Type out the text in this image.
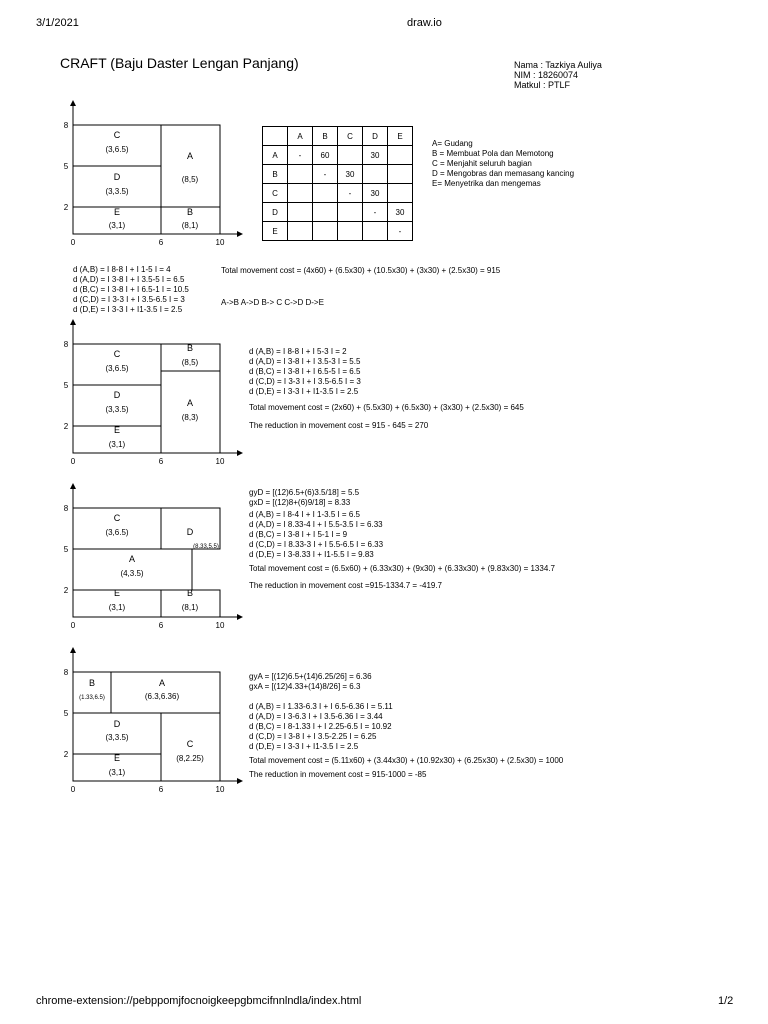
3/1/2021	draw.io
chrome-extension://pebppomjfocnoigkeepgbmcifnnlndla/index.html	1/2
CRAFT (Baju Daster Lengan Panjang)	Nama : Tazkiya Auliya
NIM : 18260074
Matkul : PTLF
	A	B	C	D	E
A	-	60		30	
B		-	30		
C			-	30	
D				-	30
E					-
A= Gudang
B = Membuat Pola dan Memotong
C = Menjahit seluruh bagian
D = Mengobras dan memasang kancing
E= Menyetrika dan mengemas
8
5
2
0	6	10
C
(3,6.5)
A
(8,5)
D
(3,3.5)
E
(3,1)
B
(8,1)
8
5
2
0	6	10
C
(3,6.5)
B
(8,5)
D
(3,3.5)
A
(8,3)
E
(3,1)
8
5
2
0	6	10
C
(3,6.5)	D
(8.33,5.5)
A
(4,3.5)
E
(3,1)
B
(8,1)
8
5
2
0	6	10
B
(1.33,6.5)
A
(6.3,6.36)
D
(3,3.5)
C
(8,2.25)
E
(3,1)
d (A,B) = I 8-8 I + I 1-5 I = 4
d (A,D) = I 3-8 I + I 3.5-5 I = 6.5
d (B,C) = I 3-8 I + I 6.5-1 I = 10.5
d (C,D) = I 3-3 I + I 3.5-6.5 I = 3
d (D,E) = I 3-3 I + I1-3.5 I = 2.5
Total movement cost = (4x60) + (6.5x30) + (10.5x30) + (3x30) + (2.5x30) = 915
A->B A->D B-> C C->D D->E
d (A,B) = I 8-8 I + I 5-3 I = 2
d (A,D) = I 3-8 I + I 3.5-3 I = 5.5
d (B,C) = I 3-8 I + I 6.5-5 I = 6.5
d (C,D) = I 3-3 I + I 3.5-6.5 I = 3
d (D,E) = I 3-3 I + I1-3.5 I = 2.5
Total movement cost = (2x60) + (5.5x30) + (6.5x30) + (3x30) + (2.5x30) = 645
The reduction in movement cost = 915 - 645 = 270
gyD = [(12)6.5+(6)3.5/18] = 5.5
gxD = [(12)8+(6)9/18] = 8.33
d (A,B) = I 8-4 I + I 1-3.5 I = 6.5
d (A,D) = I 8.33-4 I + I 5.5-3.5 I = 6.33
d (B,C) = I 3-8 I + I 5-1 I = 9
d (C,D) = I 8.33-3 I + I 5.5-6.5 I = 6.33
d (D,E) = I 3-8.33 I + I1-5.5 I = 9.83
Total movement cost = (6.5x60) + (6.33x30) + (9x30) + (6.33x30) + (9.83x30) = 1334.7
The reduction in movement cost =915-1334.7 = -419.7
gyA = [(12)6.5+(14)6.25/26] = 6.36
gxA = [(12)4.33+(14)8/26] = 6.3
d (A,B) = I 1.33-6.3 I + I 6.5-6.36 I = 5.11
d (A,D) = I 3-6.3 I + I 3.5-6.36 I = 3.44
d (B,C) = I 8-1.33 I + I 2.25-6.5 I = 10.92
d (C,D) = I 3-8 I + I 3.5-2.25 I = 6.25
d (D,E) = I 3-3 I + I1-3.5 I = 2.5
Total movement cost = (5.11x60) + (3.44x30) + (10.92x30) + (6.25x30) + (2.5x30) = 1000
The reduction in movement cost = 915-1000 = -85
